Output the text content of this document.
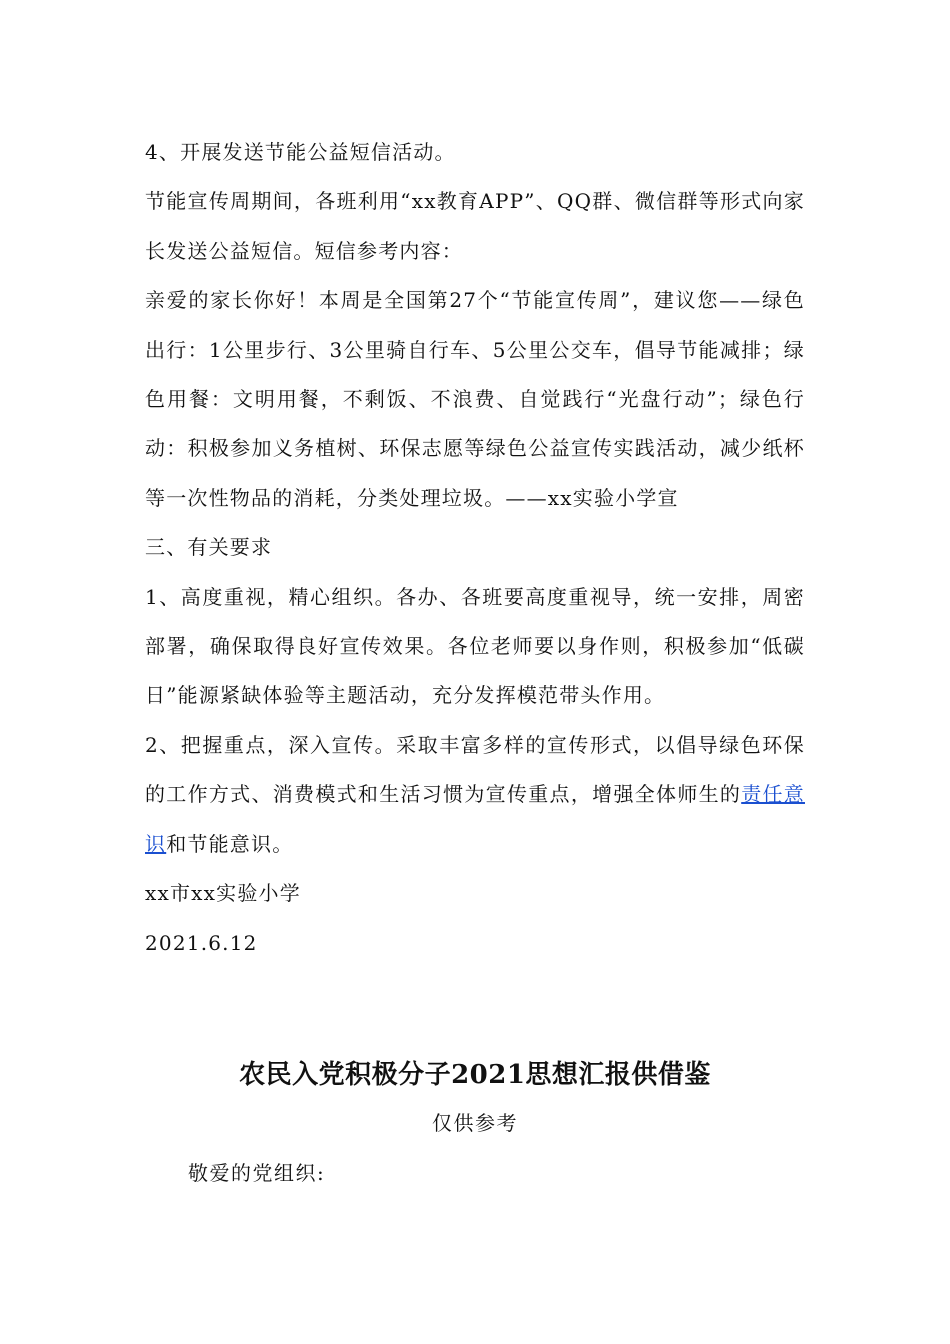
4、开展发送节能公益短信活动。

节能宣传周期间，各班利用“xx教育APP”、QQ群、微信群等形式向家长发送公益短信。短信参考内容：

亲爱的家长你好！本周是全国第27个“节能宣传周”，建议您——绿色出行：1公里步行、3公里骑自行车、5公里公交车，倡导节能减排；绿色用餐：文明用餐，不剩饭、不浪费、自觉践行“光盘行动”；绿色行动：积极参加义务植树、环保志愿等绿色公益宣传实践活动，减少纸杯等一次性物品的消耗，分类处理垃圾。——xx实验小学宣

三、有关要求

1、高度重视，精心组织。各办、各班要高度重视导，统一安排，周密部署，确保取得良好宣传效果。各位老师要以身作则，积极参加“低碳日”能源紧缺体验等主题活动，充分发挥模范带头作用。

2、把握重点，深入宣传。采取丰富多样的宣传形式，以倡导绿色环保的工作方式、消费模式和生活习惯为宣传重点，增强全体师生的责任意识和节能意识。

xx市xx实验小学

2021.6.12

农民入党积极分子2021思想汇报供借鉴
仅供参考
敬爱的党组织:
